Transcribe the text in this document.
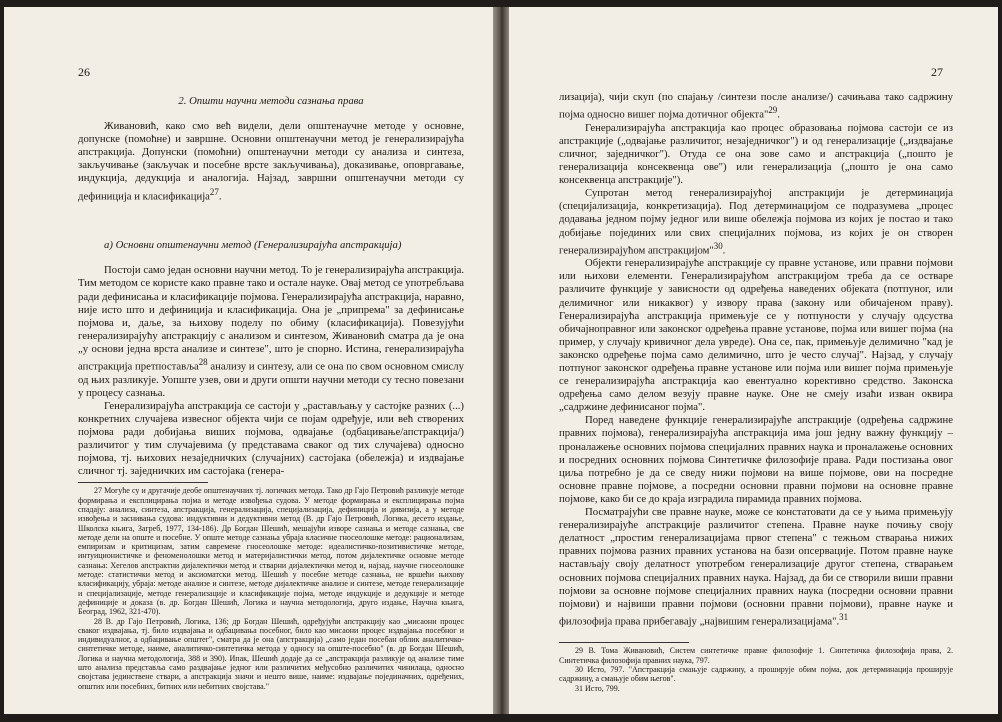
26
2. Општи научни методи сазнања права

Живановић, како смо већ видели, дели општенаучне методе у основне, допунске (помоћне) и завршне. Основни општенаучни метод је генерализирајућа апстракција. Допунски (помоћни) општенаучни методи су анализа и синтеза, закључивање (закључак и посебне врсте закључивања), доказивање, оповргавање, индукција, дедукција и аналогија. Најзад, завршни општенаучни методи су дефиниција и класификација$^{27}$.

а) Основни општенаучни метод (Генерализирајућа апстракција)

Постоји само један основни научни метод. То је генерализирајућа апстракција. Тим методом се користе како правне тако и остале науке. Овај метод се употребљава ради дефинисања и класификације појмова. Генерализирајућа апстракција, наравно, није исто што и дефиниција и класификација. Она је „припрема" за дефинисање појмова и, даље, за њихову поделу по обиму (класификација). Повезујући генерализирајућу апстракцију с анализом и синтезом, Живановић сматра да је она „у основи једна врста анализе и синтезе", што је спорно. Истина, генерализирајућа апстракција претпоставља$^{28}$ анализу и синтезу, али се она по свом основном смислу од њих разликује. Уопште узев, ови и други општи научни методи су тесно повезани у процесу сазнања.

Генерализирајућа апстракција се састоји у „растављању у састојке разних (...) конкретних случајева извесног објекта чији се појам одређује, или већ створених појмова ради добијања виших појмова, одвајање (одбацивање/апстракција/) различитог у тим случајевима (у представама сваког од тих случајева) односно појмова, тј. њихових незаједничких (случајних) састојака (обележја) и издвајање сличног тј. заједничких им састојака (генера-

27 Могуће су и другачије деобе општенаучних тј. логичких метода. Тако др Гајо Петровић разликује методе формирања и експлицирања појма и методе извођења судова. У методе формирања и експлицирања појма спадају: анализа, синтеза, апстракција, генерализација, специјализација, дефиниција и дивизија, а у методе извођења и заснивања судова: индуктивни и дедуктивни метод (В. др Гајо Петровић, Логика, десето издање, Школска књига, Загреб, 1977, 134-186). Др Богдан Шешић, мешајући изворе сазнања и методе сазнања, све методе дели на опште и посебне. У опште методе сазнања убраја класичне гносеолошке методе: рационализам, емпиризам и критицизам, затим савремене гносеолошке методе: идеалистичко-позитивистичке методе, интуиционистичке и феноменолошки метод и материјалистички метод, потом дијалектичке основне методе сазнања: Хегелов апстрактни дијалектички метод и стварни дијалектички метод и, најзад, научне гносеолошке методе: статистички метод и аксиоматски метод. Шешић у посебне методе сазнања, не вршећи њихову класификацију, убраја: методе анализе и синтезе, методе дијалектичке анализе и синтезе, методе генерализације и специјализације, методе генерализације и класификације појма, методе индукције и дедукције и методе дефиниције и доказа (в. др. Богдан Шешић, Логика и научна методологија, друго издање, Научна књига, Београд, 1962, 321-470).

28 В. др Гајо Петровић, Логика, 136; др Богдан Шешић, одређујући апстракцију као „мисаони процес сваког издвајања, тј. било издвајања и одбацивања посебног, било као мисаони процес издвајања посебног и индивидуалног, а одбацивање општег", сматра да је она (апстракција) „само један посебан облик аналитичко-синтетичке методе, наиме, аналитичко-синтетичка метода у односу на опште-посебно" (в. др Богдан Шешић, Логика и научна методологија, 388 и 390). Ипак, Шешић додаје да се „апстракција разликује од анализе тиме што анализа представља само раздвајање једног или различитих међусобно различитих чинилаца, односно својстава јединствене ствари, а апстракција значи и нешто више, наиме: издвајање појединачних, одређених, општих или посебних, битних или небитних својстава."

27

лизација), чији скуп (по спајању /синтези после анализе/) сачињава тако садржину појма односно вишег појма дотичног објекта"$^{29}$.

Генерализирајућа апстракција као процес образовања појмова састоји се из апстракције („одвајање различитог, незаједничког") и од генерализације („издвајање сличног, заједничког"). Отуда се она зове само и апстракција („пошто је генерализација консеквенца ове") или генерализација („пошто је она само консеквенца апстракције").

Супротан метод генерализирајућој апстракцији је детерминација (специјализација, конкретизација). Под детерминацијом се подразумева „процес додавања једном појму једног или више обележја појмова из којих је постао и тако добијање појединих или свих специјалних појмова, из којих је он створен генерализирајућом апстракцијом"$^{30}$.

Објекти генерализирајуће апстракције су правне установе, или правни појмови или њихови елементи. Генерализирајућом апстракцијом треба да се остваре различите функције у зависности од одређења наведених објеката (потпуног, или делимичног или никаквог) у извору права (закону или обичајеном праву). Генерализирајућа апстракција примењује се у потпуности у случају одсуства обичајноправног или законског одређења правне установе, појма или вишег појма (на пример, у случају кривичног дела увреде). Она се, пак, примењује делимично "кад је законско одређење појма само делимично, што је често случај". Најзад, у случају потпуног законског одређења правне установе или појма или вишег појма примењује се генерализирајућа апстракција као евентуално корективно средство. Законска одређења само делом везују правне науке. Оне не смеју изаћи изван оквира „садржине дефинисаног појма".

Поред наведене функције генерализирајуће апстракције (одређења садржине правних појмова), генерализирајућа апстракција има још једну важну функцију – проналажење основних појмова специјалних правних наука и проналажење основних и посредних основних појмова Синтетичке филозофије права. Ради постизања овог циља потребно је да се сведу нижи појмови на више појмове, ови на посредне основне правне појмове, а посредни основни правни појмови на основне правне појмове, како би се до краја изградила пирамида правних појмова.

Посматрајући све правне науке, може се констатовати да се у њима примењују генерализирајуће апстракције различитог степена. Правне науке почињу своју делатност „простим генерализацијама првог степена" с тежњом стварања нижих правних појмова разних правних установа на бази опсервације. Потом правне науке настављају своју делатност употребом генерализације другог степена, стварањем основних појмова специјалних правних наука. Најзад, да би се створили виши правни појмови за основне појмове специјалних правних наука (посредни основни правни појмови) и највиши правни појмови (основни правни појмови), правне науке и филозофија права прибегавају „највишим генерализацијама".$^{31}$

29 В. Тома Живановић, Систем синтетичке правне филозофије 1. Синтетичка филозофија права, 2. Синтетичка филозофија правних наука, 797.

30 Исто, 797. "Апстракција смањује садржину, а проширује обим појма, док детерминација проширује садржину, а смањује обим његов".

31 Исто, 799.
